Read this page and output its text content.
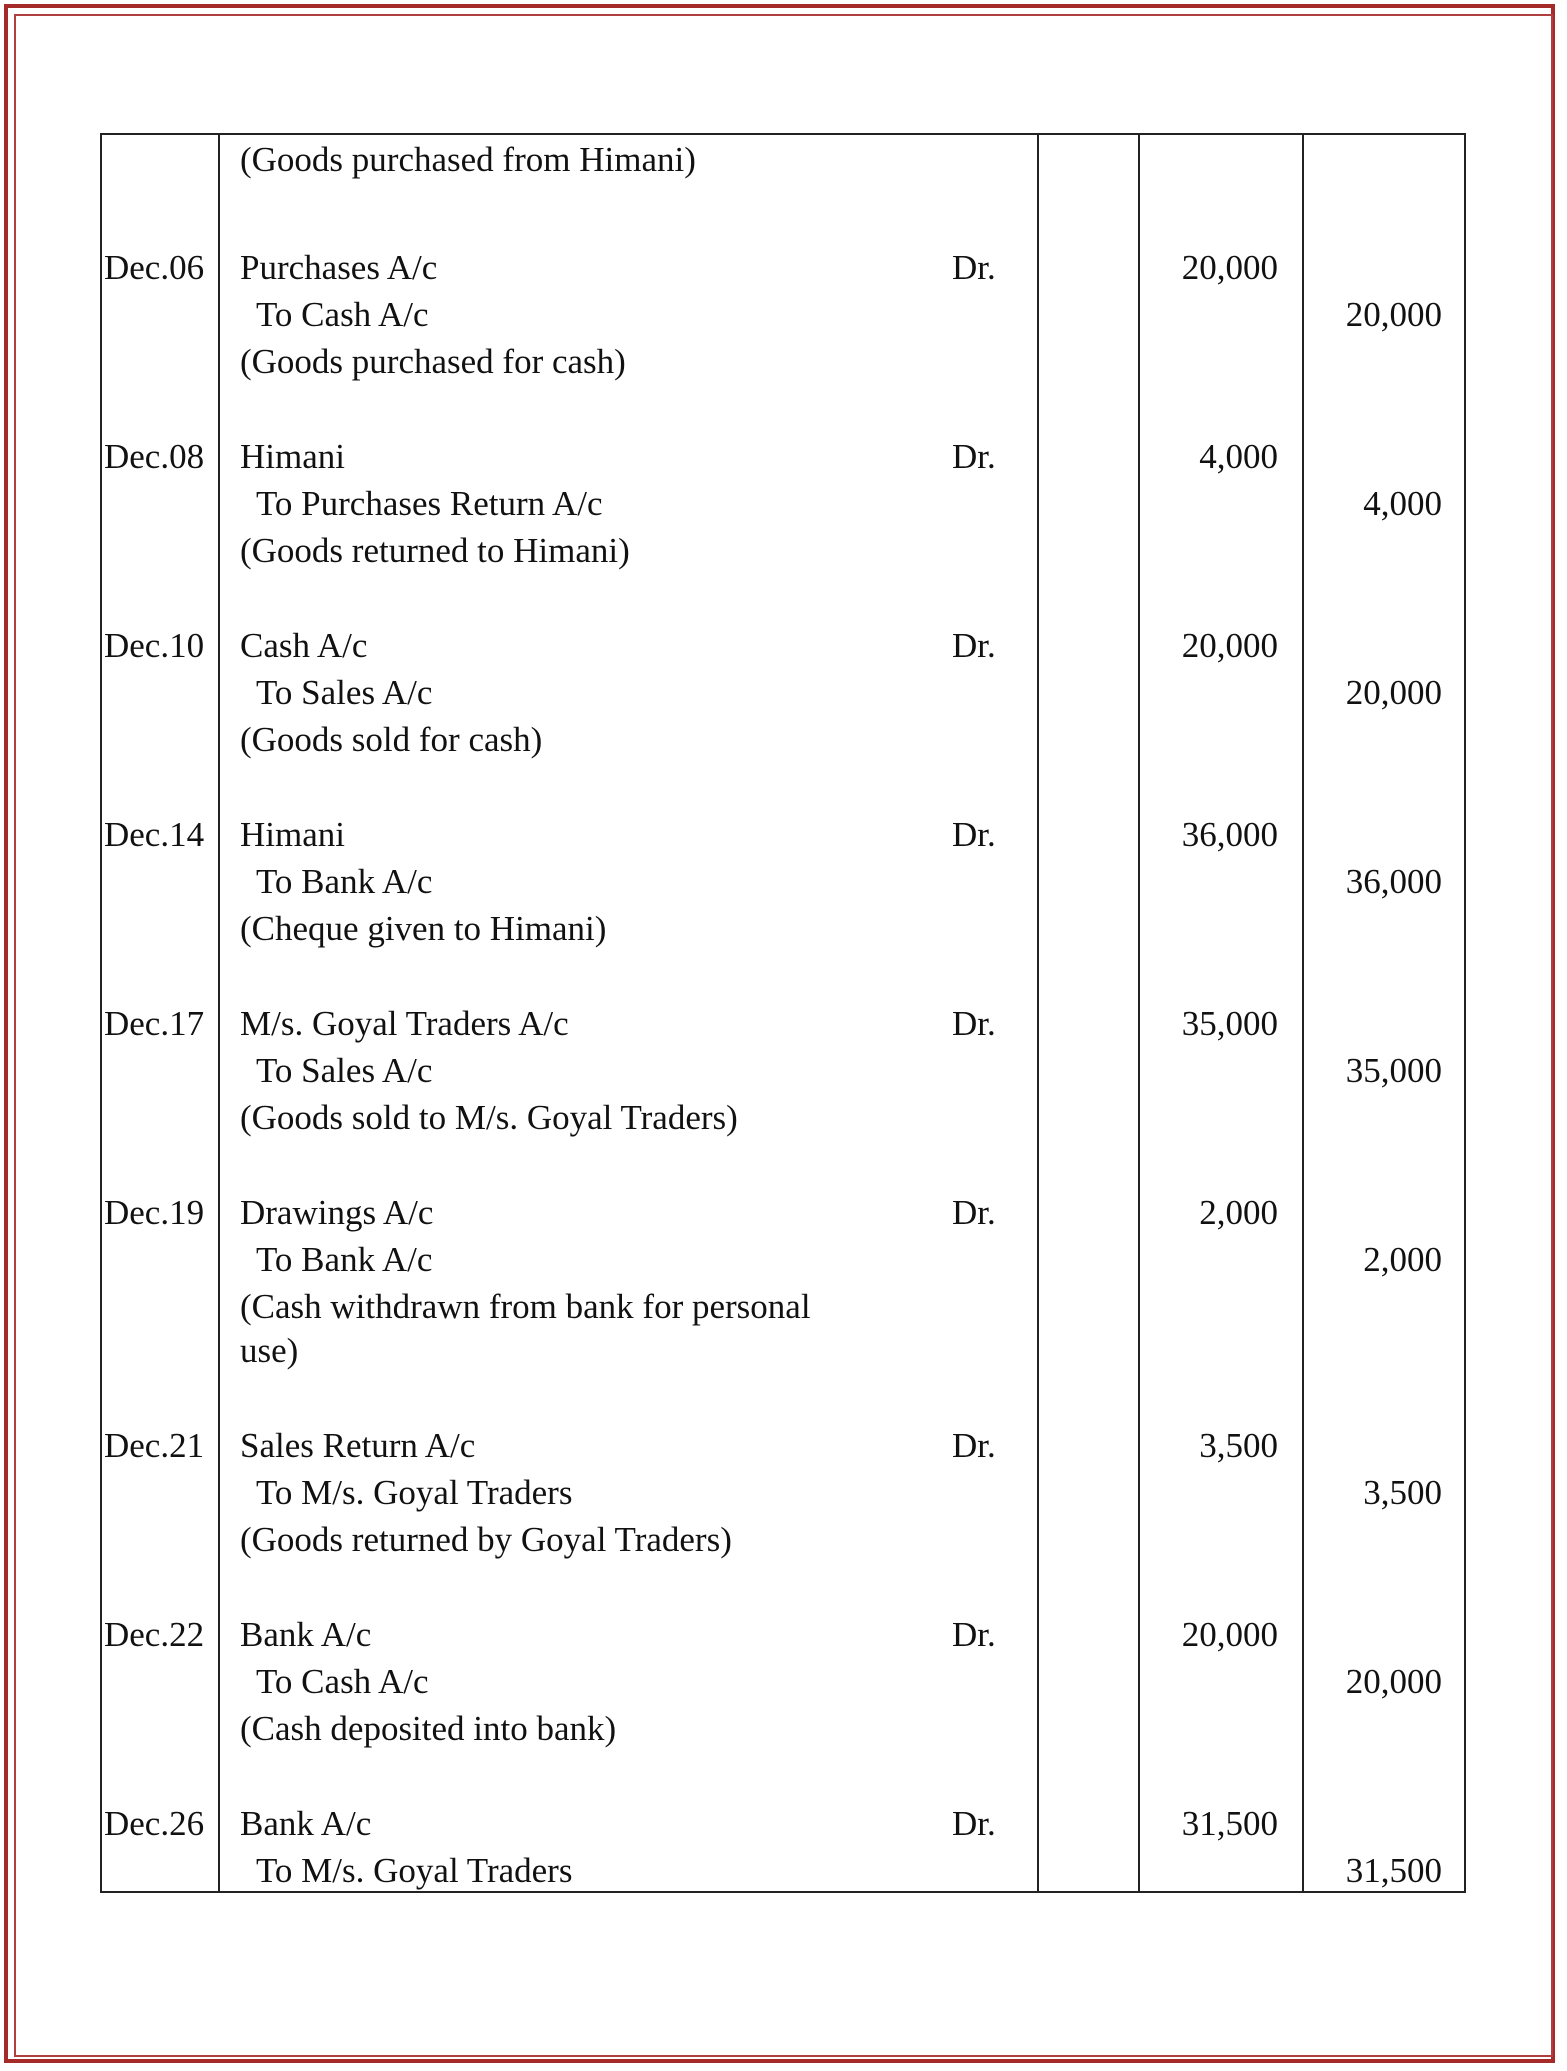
(Goods purchased from Himani)
Dec.06 Purchases A/c	Dr.	20,000
To Cash A/c	20,000
(Goods purchased for cash)
Dec.08 Himani	Dr.	4,000
To Purchases Return A/c	4,000
(Goods returned to Himani)
Dec.10 Cash A/c	Dr.	20,000
To Sales A/c	20,000
(Goods sold for cash)
Dec.14 Himani	Dr.	36,000
To Bank A/c	36,000
(Cheque given to Himani)
Dec.17 M/s. Goyal Traders A/c	Dr.	35,000
To Sales A/c	35,000
(Goods sold to M/s. Goyal Traders)
Dec.19 Drawings A/c	Dr.	2,000
To Bank A/c	2,000
(Cash withdrawn from bank for personal
use)
Dec.21 Sales Return A/c	Dr.	3,500
To M/s. Goyal Traders	3,500
(Goods returned by Goyal Traders)
Dec.22 Bank A/c	Dr.	20,000
To Cash A/c	20,000
(Cash deposited into bank)
Dec.26 Bank A/c	Dr.	31,500
To M/s. Goyal Traders	31,500
